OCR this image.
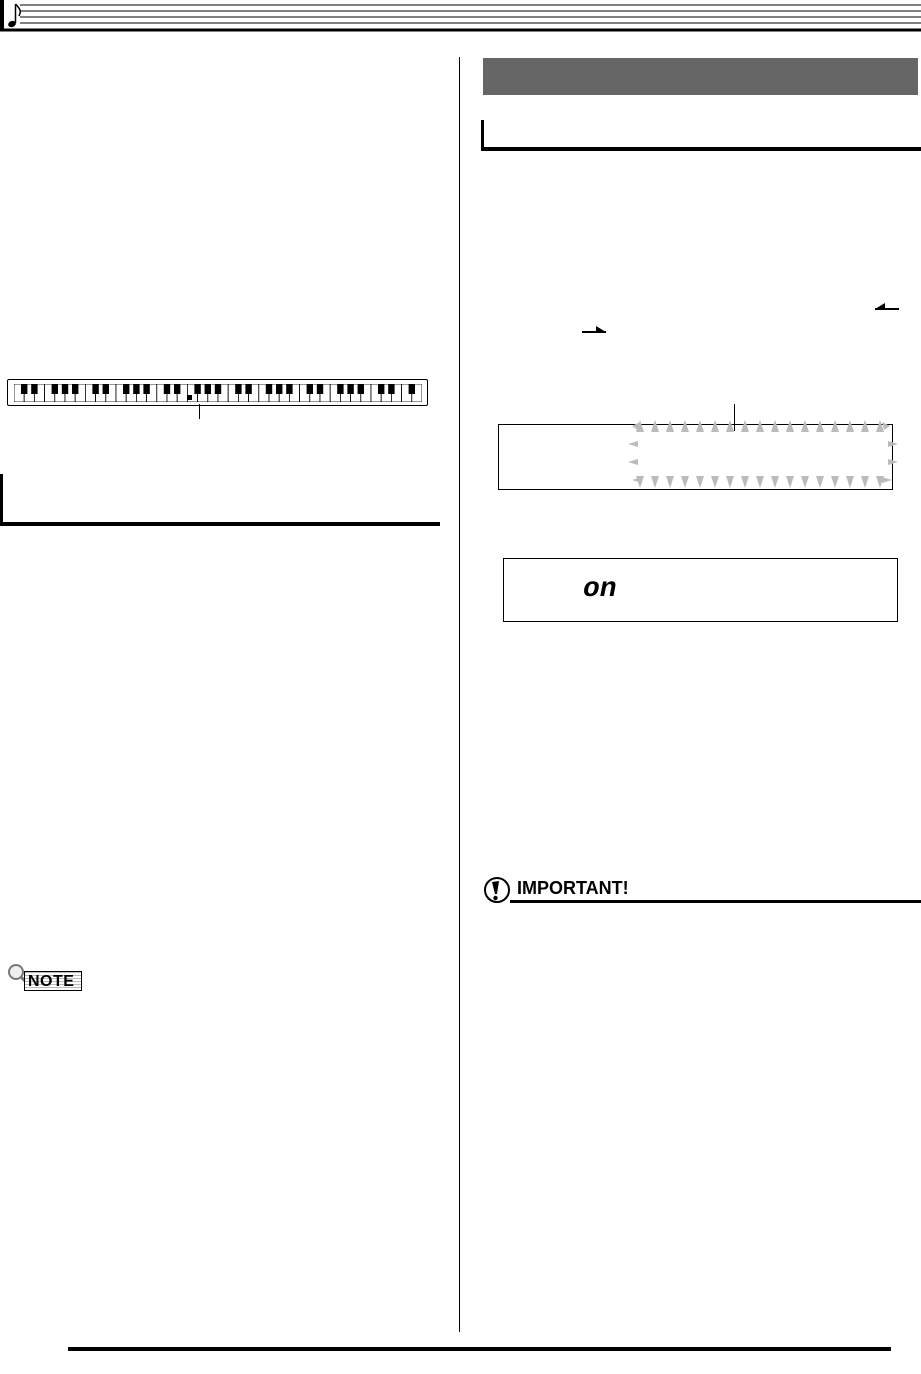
on
NOTE
IMPORTANT!
